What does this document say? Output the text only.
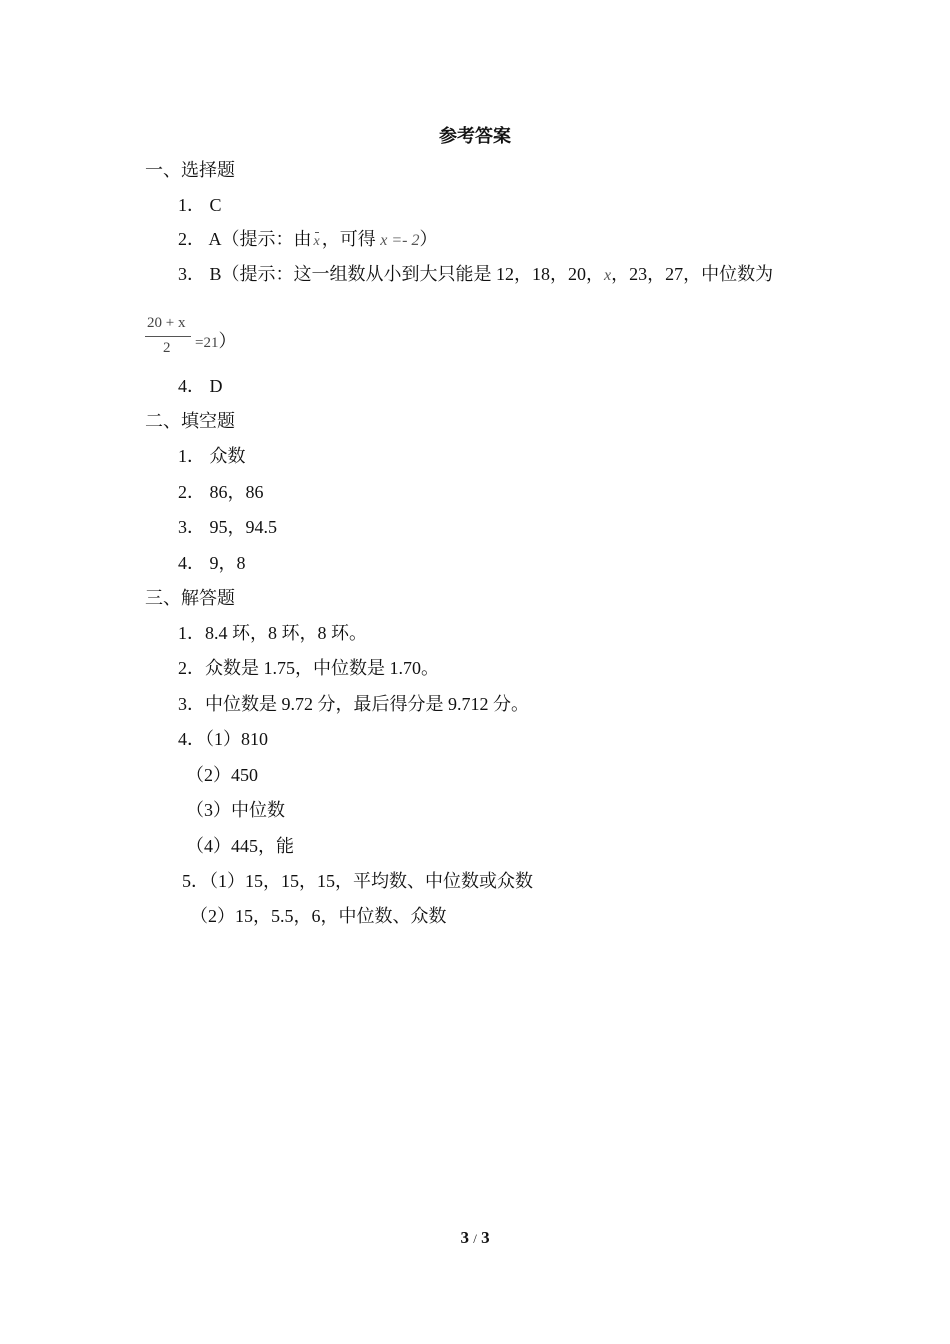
参考答案
一、选择题
1． C
2． A（提示：由 x ，可得 x =- 2）
3． B（提示：这一组数从小到大只能是 12，18，20，x，23，27，中位数为
20 + x
2 =21）
4． D
二、填空题
1． 众数
2． 86，86
3． 95，94.5
4． 9，8
三、解答题
1．8.4 环，8 环，8 环。
2．众数是 1.75，中位数是 1.70。
3．中位数是 9.72 分，最后得分是 9.712 分。
4．（1）810
（2）450
（3）中位数
（4）445，能
5．（1）15，15，15，平均数、中位数或众数
（2）15，5.5，6，中位数、众数
3 / 3
